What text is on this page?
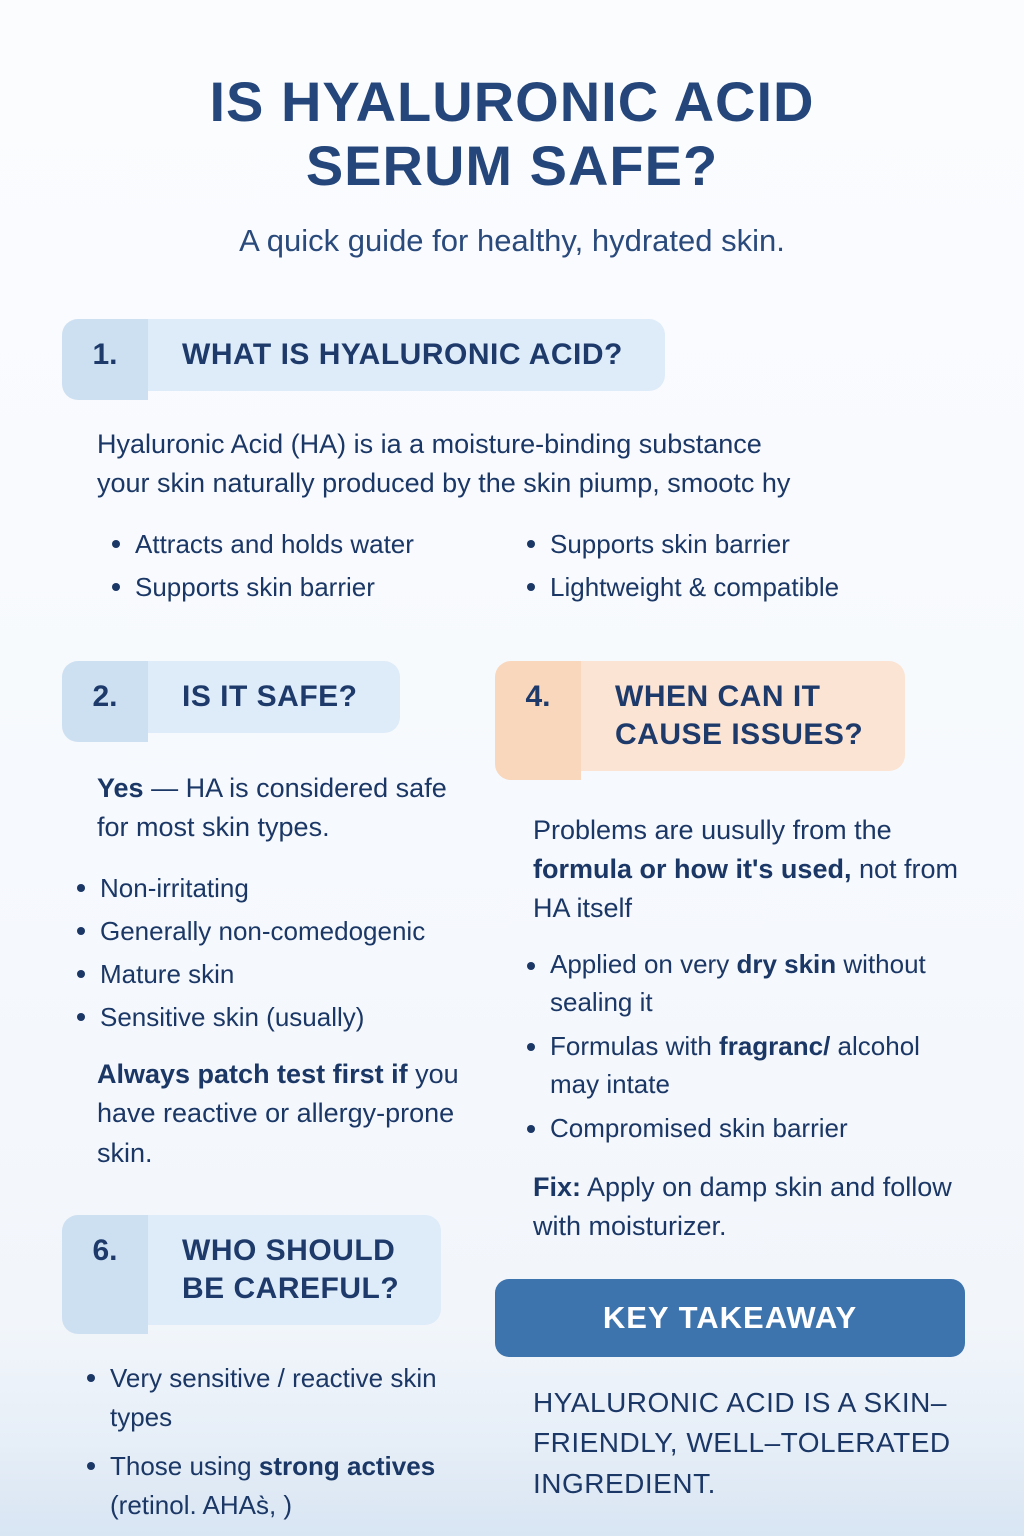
IS HYALURONIC ACID SERUM SAFE?
A quick guide for healthy, hydrated skin.
1.	WHAT IS HYALURONIC ACID?
Hyaluronic Acid (HA) is ia a moisture-binding substance
your skin naturally produced by the skin piump, smootc hy
Attracts and holds water
Supports skin barrier
Supports skin barrier
Lightweight & compatible
2.	IS IT SAFE?
Yes — HA is considered safe for most skin types.
Non-irritating
Generally non-comedogenic
Mature skin
Sensitive skin (usually)
Always patch test first if you have reactive or allergy-prone skin.
6.	WHO SHOULD
BE CAREFUL?
Very sensitive / reactive skin types
Those using strong actives (retinol. AHAs̀, )
4.	WHEN CAN IT
CAUSE ISSUES?
Problems are uusully from the formula or how it's used, not from HA itself
Applied on very dry skin without sealing it
Formulas with fragranc/ alcohol may intate
Compromised skin barrier
Fix: Apply on damp skin and follow with moisturizer.
KEY TAKEAWAY
HYALURONIC ACID IS A SKIN–FRIENDLY, WELL–TOLERATED INGREDIENT.
